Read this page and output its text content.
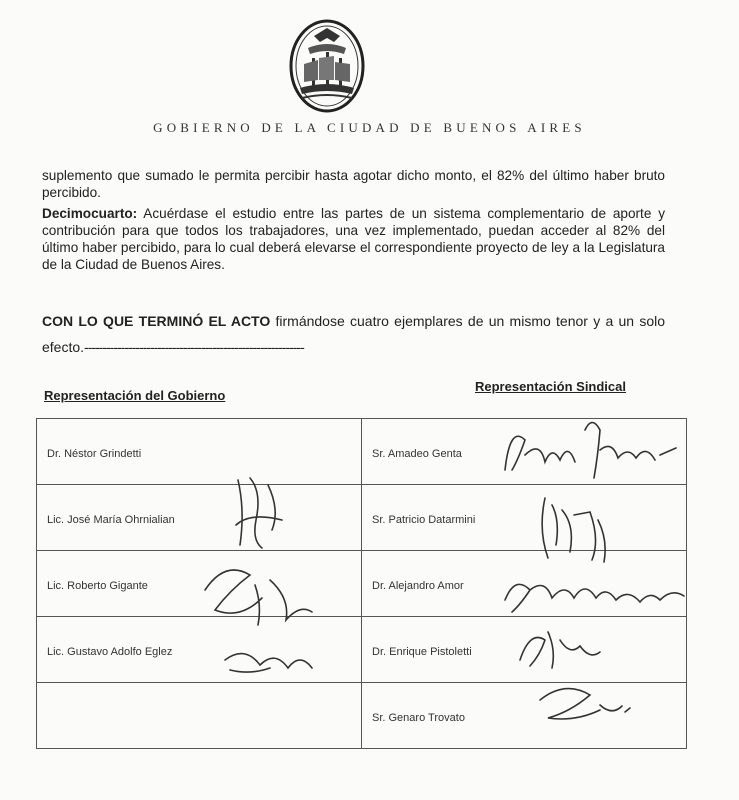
GOBIERNO DE LA CIUDAD DE BUENOS AIRES
suplemento que sumado le permita percibir hasta agotar dicho monto, el 82% del último haber bruto percibido.
Decimocuarto: Acuérdase el estudio entre las partes de un sistema complementario de aporte y contribución para que todos los trabajadores, una vez implementado, puedan acceder al 82% del último haber percibido, para lo cual deberá elevarse el correspondiente proyecto de ley a la Legislatura de la Ciudad de Buenos Aires.
CON LO QUE TERMINÓ EL ACTO firmándose cuatro ejemplares de un mismo tenor y a un solo efecto.------------------------------------------------------------
Representación del Gobierno
Representación Sindical
Dr. Néstor Grindetti	Sr. Amadeo Genta
Lic. José María Ohrnialian	Sr. Patricio Datarmini
Lic. Roberto Gigante	Dr. Alejandro Amor
Lic. Gustavo Adolfo Eglez	Dr. Enrique Pistoletti
	Sr. Genaro Trovato
